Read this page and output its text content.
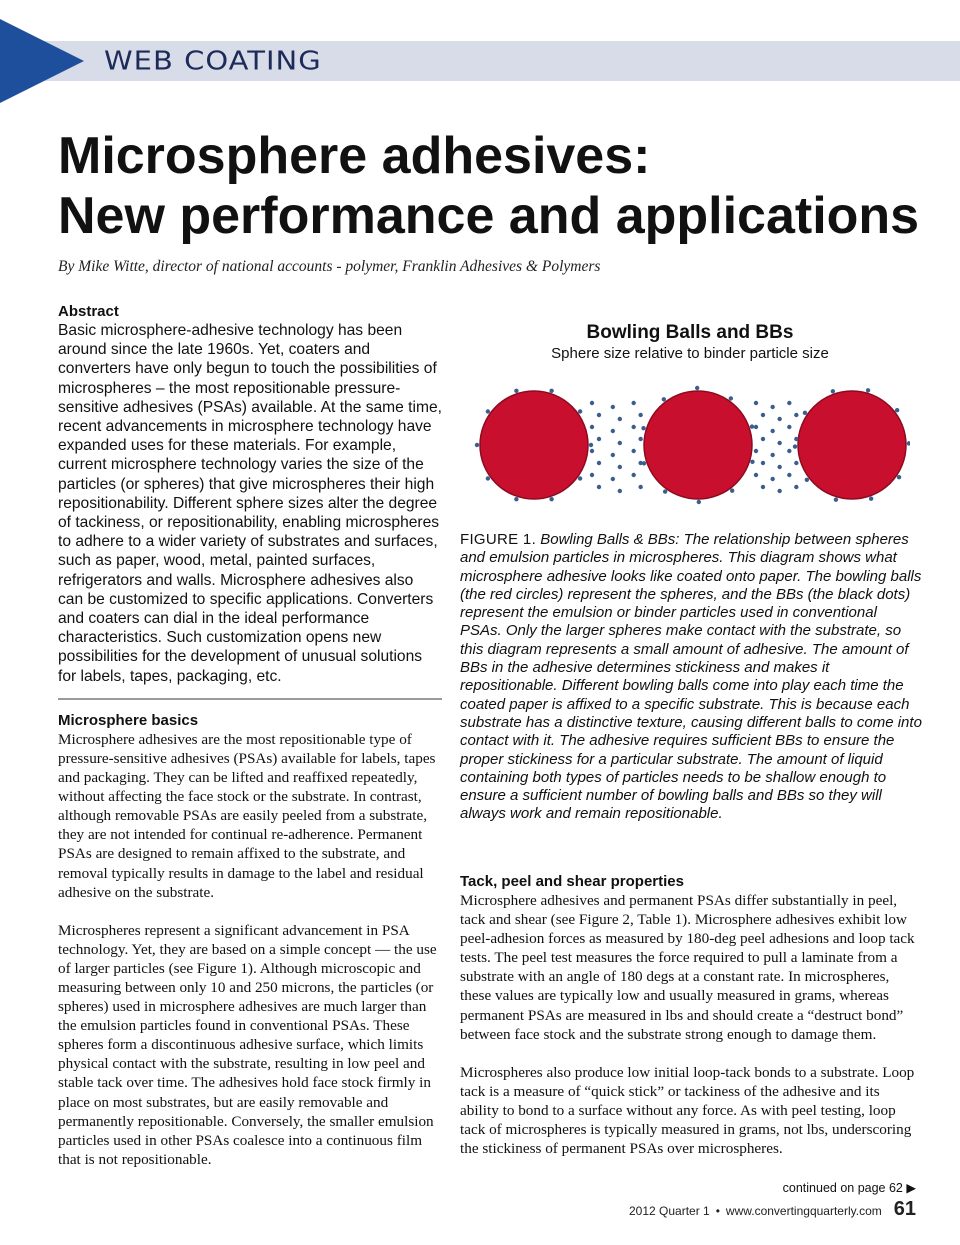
WEB COATING
Microsphere adhesives:
New performance and applications
By Mike Witte, director of national accounts - polymer, Franklin Adhesives & Polymers
Abstract

Basic microsphere-adhesive technology has been around since the late 1960s. Yet, coaters and converters have only begun to touch the possibilities of microspheres – the most repositionable pressure-sensitive adhesives (PSAs) available. At the same time, recent advancements in microsphere technology have expanded uses for these materials. For example, current microsphere technology varies the size of the particles (or spheres) that give microspheres their high repositionability. Different sphere sizes alter the degree of tackiness, or repositionability, enabling microspheres to adhere to a wider variety of substrates and surfaces, such as paper, wood, metal, painted surfaces, refrigerators and walls. Microsphere adhesives also can be customized to specific applications. Converters and coaters can dial in the ideal performance characteristics. Such customization opens new possibilities for the development of unusual solutions for labels, tapes, packaging, etc.

Microsphere basics

Microsphere adhesives are the most repositionable type of pressure-sensitive adhesives (PSAs) available for labels, tapes and packaging. They can be lifted and reaffixed repeatedly, without affecting the face stock or the substrate. In contrast, although removable PSAs are easily peeled from a substrate, they are not intended for continual re-adherence. Permanent PSAs are designed to remain affixed to the substrate, and removal typically results in damage to the label and residual adhesive on the substrate.

Microspheres represent a significant advancement in PSA technology. Yet, they are based on a simple concept — the use of larger particles (see Figure 1). Although microscopic and measuring between only 10 and 250 microns, the particles (or spheres) used in microsphere adhesives are much larger than the emulsion particles found in conventional PSAs. These spheres form a discontinuous adhesive surface, which limits physical contact with the substrate, resulting in low peel and stable tack over time. The adhesives hold face stock firmly in place on most substrates, but are easily removable and permanently repositionable. Conversely, the smaller emulsion particles used in other PSAs coalesce into a continuous film that is not repositionable.

Bowling Balls and BBs
Sphere size relative to binder particle size

FIGURE 1. Bowling Balls & BBs: The relationship between spheres and emulsion particles in microspheres. This diagram shows what microsphere adhesive looks like coated onto paper. The bowling balls (the red circles) represent the spheres, and the BBs (the black dots) represent the emulsion or binder particles used in conventional PSAs. Only the larger spheres make contact with the substrate, so this diagram represents a small amount of adhesive. The amount of BBs in the adhesive determines stickiness and makes it repositionable. Different bowling balls come into play each time the coated paper is affixed to a specific substrate. This is because each substrate has a distinctive texture, causing different balls to come into contact with it. The adhesive requires sufficient BBs to ensure the proper stickiness for a particular substrate. The amount of liquid containing both types of particles needs to be shallow enough to ensure a sufficient number of bowling balls and BBs so they will always work and remain repositionable.

Tack, peel and shear properties

Microsphere adhesives and permanent PSAs differ substantially in peel, tack and shear (see Figure 2, Table 1). Microsphere adhesives exhibit low peel-adhesion forces as measured by 180-deg peel adhesions and loop tack tests. The peel test measures the force required to pull a laminate from a substrate with an angle of 180 degs at a constant rate. In microspheres, these values are typically low and usually measured in grams, whereas permanent PSAs are measured in lbs and should create a “destruct bond” between face stock and the substrate strong enough to damage them.

Microspheres also produce low initial loop-tack bonds to a substrate. Loop tack is a measure of “quick stick” or tackiness of the adhesive and its ability to bond to a surface without any force. As with peel testing, loop tack of microspheres is typically measured in grams, not lbs, underscoring the stickiness of permanent PSAs over microspheres.

continued on page 62 ▶
2012 Quarter 1 • www.convertingquarterly.com 61
